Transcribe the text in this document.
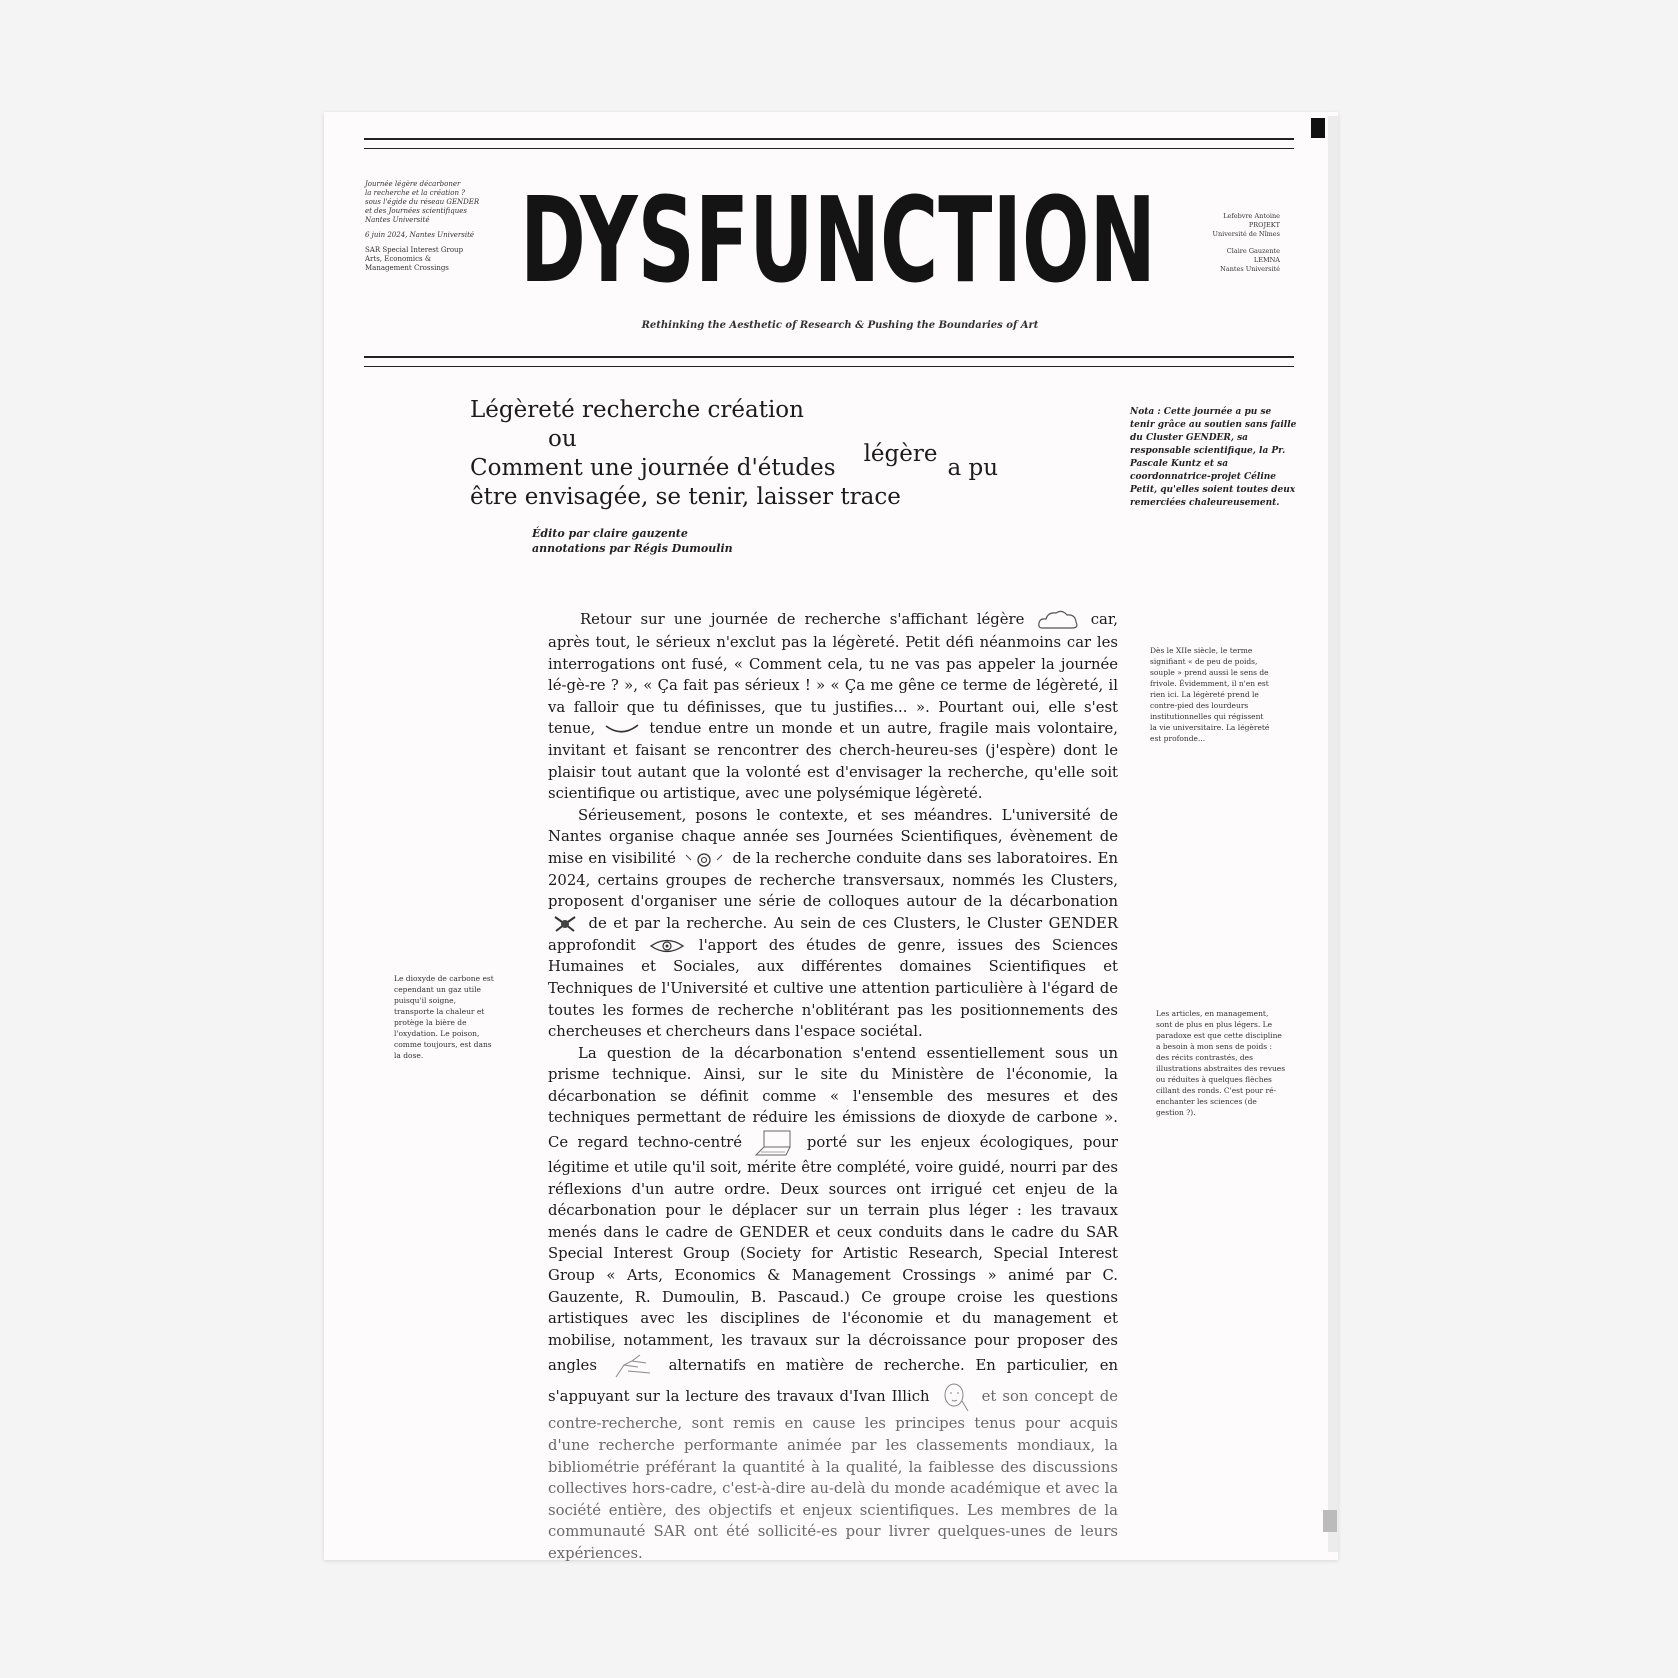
Journée légère décarboner
la recherche et la création ?
sous l'égide du réseau GENDER
et des Journées scientifiques
Nantes Université

6 juin 2024, Nantes Université

SAR Special Interest Group
Arts, Economics &
Management Crossings DYSFUNCTION
Rethinking the Aesthetic of Research & Pushing the Boundaries of Art

Lefebvre Antoine
PROJEKT
Université de Nîmes

Claire Gauzente
LEMNA
Nantes Université

Légèreté recherche création

ou
Comment une journée d'étudeslégèrea pu
être envisagée, se tenir, laisser trace
Édito par claire gauzente
annotations par Régis Dumoulin
Nota : Cette journée a pu se tenir grâce au soutien sans faille du Cluster GENDER, sa responsable scientifique, la Pr. Pascale Kuntz et sa coordonnatrice-projet Céline Petit, qu'elles soient toutes deux remerciées chaleureusement.

Retour sur une journée de recherche s'affichant légère	car, après tout, le sérieux n'exclut pas la légèreté. Petit défi néanmoins car les interrogations ont fusé, « Comment cela, tu ne vas pas appeler la journée lé-gè-re ? », « Ça fait pas sérieux ! » « Ça me gêne ce terme de légèreté, il va falloir que tu définisses, que tu justifies... ». Pourtant oui, elle s'est tenue,	tendue entre un monde et un autre, fragile mais volontaire, invitant et faisant se rencontrer des cherch-heureu-ses (j'espère) dont le plaisir tout autant que la volonté est d'envisager la recherche, qu'elle soit scientifique ou artistique, avec une polysémique légèreté.

Sérieusement, posons le contexte, et ses méandres. L'université de Nantes organise chaque année ses Journées Scientifiques, évènement de mise en visibilité	de la recherche conduite dans ses laboratoires. En 2024, certains groupes de recherche transversaux, nommés les Clusters, proposent d'organiser une série de colloques autour de la décarbonation  de et par la recherche. Au sein de ces Clusters, le Cluster GENDER approfondit	l'apport des études de genre, issues des Sciences Humaines et Sociales, aux différentes domaines Scientifiques et Techniques de l'Université et cultive une attention particulière à l'égard de toutes les formes de recherche n'oblitérant pas les positionnements des chercheuses et chercheurs dans l'espace sociétal.

La question de la décarbonation s'entend essentiellement sous un prisme technique. Ainsi, sur le site du Ministère de l'économie, la décarbonation se définit comme « l'ensemble des mesures et des techniques permettant de réduire les émissions de dioxyde de carbone ». Ce regard techno-centré	porté sur les enjeux écologiques, pour légitime et utile qu'il soit, mérite être complété, voire guidé, nourri par des réflexions d'un autre ordre. Deux sources ont irrigué cet enjeu de la décarbonation pour le déplacer sur un terrain plus léger : les travaux menés dans le cadre de GENDER et ceux conduits dans le cadre du SAR Special Interest Group (Society for Artistic Research, Special Interest Group « Arts, Economics & Management Crossings » animé par C. Gauzente, R. Dumoulin, B. Pascaud.) Ce groupe croise les questions artistiques avec les disciplines de l'économie et du management et mobilise, notamment, les travaux sur la décroissance pour proposer des angles	alternatifs en matière de recherche. En particulier, en s'appuyant sur la lecture des travaux d'Ivan Illich	et son concept de contre-recherche, sont remis en cause les principes tenus pour acquis d'une recherche performante animée par les classements mondiaux, la bibliométrie préférant la quantité à la qualité, la faiblesse des discussions collectives hors-cadre, c'est-à-dire au-delà du monde académique et avec la société entière, des objectifs et enjeux scientifiques. Les membres de la communauté SAR ont été sollicité-es pour livrer quelques-unes de leurs expériences.

Dès le XIIe siècle, le terme signifiant « de peu de poids, souple » prend aussi le sens de frivole. Évidemment, il n'en est rien ici. La légèreté prend le contre-pied des lourdeurs institutionnelles qui régissent la vie universitaire. La légèreté est profonde...
Le dioxyde de carbone est cependant un gaz utile puisqu'il soigne, transporte la chaleur et protège la bière de l'oxydation. Le poison, comme toujours, est dans la dose.
Les articles, en management, sont de plus en plus légers. Le paradoxe est que cette discipline a besoin à mon sens de poids : des récits contrastés, des illustrations abstraites des revues ou réduites à quelques flèches cillant des ronds. C'est pour ré-enchanter les sciences (de gestion ?).
